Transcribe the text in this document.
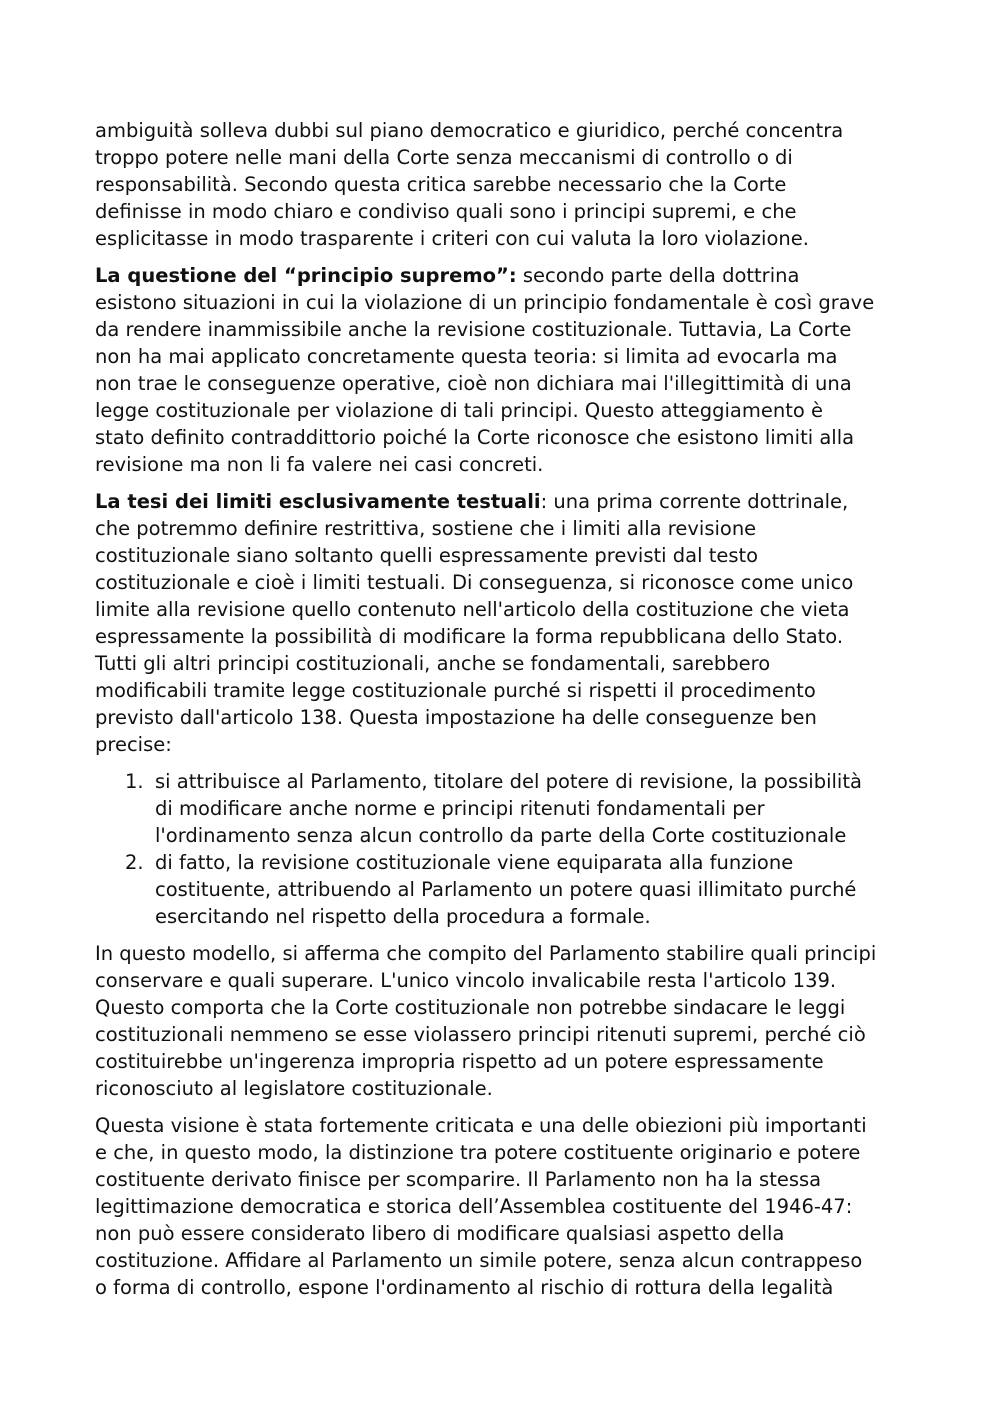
ambiguità solleva dubbi sul piano democratico e giuridico, perché concentra
troppo potere nelle mani della Corte senza meccanismi di controllo o di
responsabilità. Secondo questa critica sarebbe necessario che la Corte
definisse in modo chiaro e condiviso quali sono i principi supremi, e che
esplicitasse in modo trasparente i criteri con cui valuta la loro violazione.

La questione del “principio supremo”: secondo parte della dottrina
esistono situazioni in cui la violazione di un principio fondamentale è così grave
da rendere inammissibile anche la revisione costituzionale. Tuttavia, La Corte
non ha mai applicato concretamente questa teoria: si limita ad evocarla ma
non trae le conseguenze operative, cioè non dichiara mai l'illegittimità di una
legge costituzionale per violazione di tali principi. Questo atteggiamento è
stato definito contraddittorio poiché la Corte riconosce che esistono limiti alla
revisione ma non li fa valere nei casi concreti.

La tesi dei limiti esclusivamente testuali: una prima corrente dottrinale,
che potremmo definire restrittiva, sostiene che i limiti alla revisione
costituzionale siano soltanto quelli espressamente previsti dal testo
costituzionale e cioè i limiti testuali. Di conseguenza, si riconosce come unico
limite alla revisione quello contenuto nell'articolo della costituzione che vieta
espressamente la possibilità di modificare la forma repubblicana dello Stato.
Tutti gli altri principi costituzionali, anche se fondamentali, sarebbero
modificabili tramite legge costituzionale purché si rispetti il procedimento
previsto dall'articolo 138. Questa impostazione ha delle conseguenze ben
precise:

1. si attribuisce al Parlamento, titolare del potere di revisione, la possibilità
di modificare anche norme e principi ritenuti fondamentali per
l'ordinamento senza alcun controllo da parte della Corte costituzionale
2. di fatto, la revisione costituzionale viene equiparata alla funzione
costituente, attribuendo al Parlamento un potere quasi illimitato purché
esercitando nel rispetto della procedura a formale.

In questo modello, si afferma che compito del Parlamento stabilire quali principi
conservare e quali superare. L'unico vincolo invalicabile resta l'articolo 139.
Questo comporta che la Corte costituzionale non potrebbe sindacare le leggi
costituzionali nemmeno se esse violassero principi ritenuti supremi, perché ciò
costituirebbe un'ingerenza impropria rispetto ad un potere espressamente
riconosciuto al legislatore costituzionale.

Questa visione è stata fortemente criticata e una delle obiezioni più importanti
e che, in questo modo, la distinzione tra potere costituente originario e potere
costituente derivato finisce per scomparire. Il Parlamento non ha la stessa
legittimazione democratica e storica dell’Assemblea costituente del 1946-47:
non può essere considerato libero di modificare qualsiasi aspetto della
costituzione. Affidare al Parlamento un simile potere, senza alcun contrappeso
o forma di controllo, espone l'ordinamento al rischio di rottura della legalità
